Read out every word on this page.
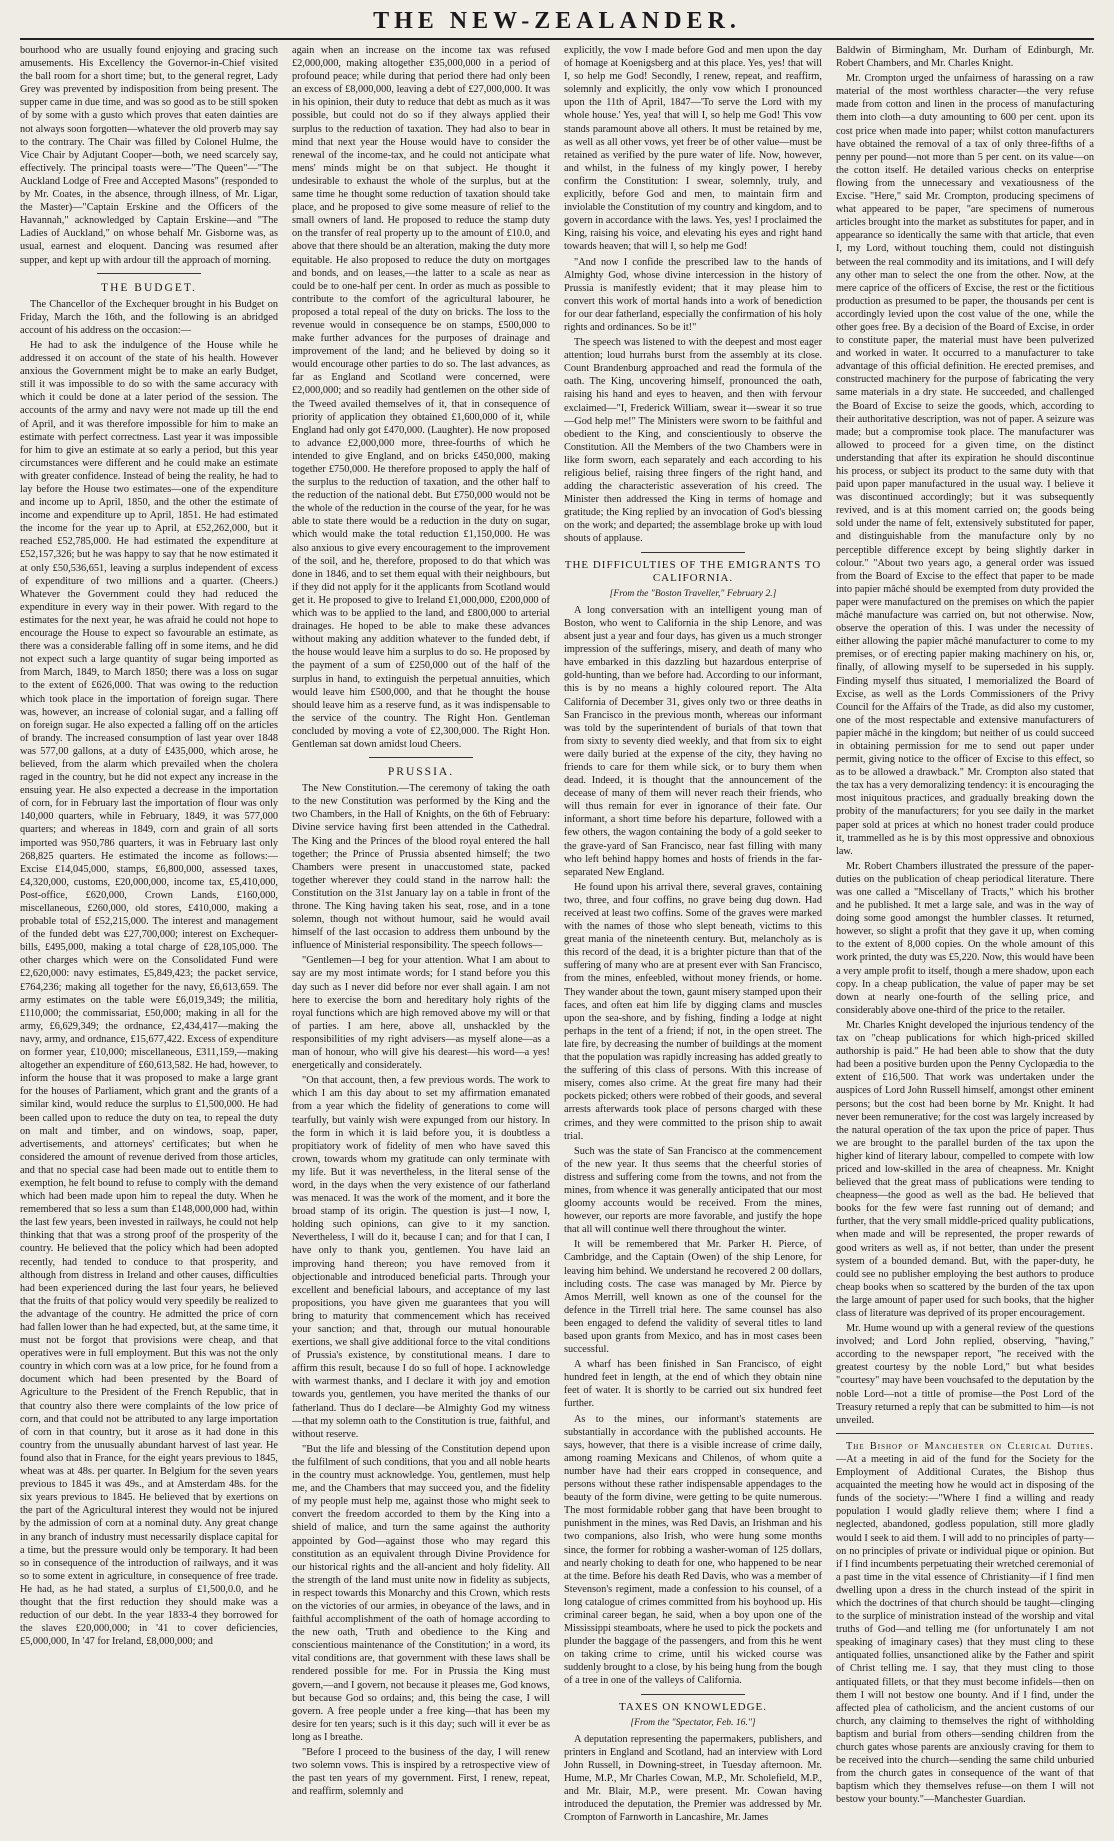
THE NEW-ZEALANDER.

bourhood who are usually found enjoying and gracing such amusements. His Excellency the Governor-in-Chief visited the ball room for a short time; but, to the general regret, Lady Grey was prevented by indisposition from being present. The supper came in due time, and was so good as to be still spoken of by some with a gusto which proves that eaten dainties are not always soon forgotten—whatever the old proverb may say to the contrary. The Chair was filled by Colonel Hulme, the Vice Chair by Adjutant Cooper—both, we need scarcely say, effectively. The principal toasts were—"The Queen"—"The Auckland Lodge of Free and Accepted Masons" (responded to by Mr. Coates, in the absence, through illness, of Mr. Ligar, the Master)—"Captain Erskine and the Officers of the Havannah," acknowledged by Captain Erskine—and "The Ladies of Auckland," on whose behalf Mr. Gisborne was, as usual, earnest and eloquent. Dancing was resumed after supper, and kept up with ardour till the approach of morning.

THE BUDGET.

The Chancellor of the Exchequer brought in his Budget on Friday, March the 16th, and the following is an abridged account of his address on the occasion:—

He had to ask the indulgence of the House while he addressed it on account of the state of his health. However anxious the Government might be to make an early Budget, still it was impossible to do so with the same accuracy with which it could be done at a later period of the session. The accounts of the army and navy were not made up till the end of April, and it was therefore impossible for him to make an estimate with perfect correctness. Last year it was impossible for him to give an estimate at so early a period, but this year circumstances were different and he could make an estimate with greater confidence. Instead of being the reality, he had to lay before the House two estimates—one of the expenditure and income up to April, 1850, and the other the estimate of income and expenditure up to April, 1851. He had estimated the income for the year up to April, at £52,262,000, but it reached £52,785,000. He had estimated the expenditure at £52,157,326; but he was happy to say that he now estimated it at only £50,536,651, leaving a surplus independent of excess of expenditure of two millions and a quarter. (Cheers.) Whatever the Government could they had reduced the expenditure in every way in their power. With regard to the estimates for the next year, he was afraid he could not hope to encourage the House to expect so favourable an estimate, as there was a considerable falling off in some items, and he did not expect such a large quantity of sugar being imported as from March, 1849, to March 1850; there was a loss on sugar to the extent of £626,000. That was owing to the reduction which took place in the importation of foreign sugar. There was, however, an increase of colonial sugar, and a falling off on foreign sugar. He also expected a falling off on the articles of brandy. The increased consumption of last year over 1848 was 577,00 gallons, at a duty of £435,000, which arose, he believed, from the alarm which prevailed when the cholera raged in the country, but he did not expect any increase in the ensuing year. He also expected a decrease in the importation of corn, for in February last the importation of flour was only 140,000 quarters, while in February, 1849, it was 577,000 quarters; and whereas in 1849, corn and grain of all sorts imported was 950,786 quarters, it was in February last only 268,825 quarters. He estimated the income as follows:—Excise £14,045,000, stamps, £6,800,000, assessed taxes, £4,320,000, customs, £20,000,000, income tax, £5,410,000, Post-office, £620,000, Crown Lands, £160,000, miscellaneous, £260,000, old stores, £410,000, making a probable total of £52,215,000. The interest and management of the funded debt was £27,700,000; interest on Exchequer-bills, £495,000, making a total charge of £28,105,000. The other charges which were on the Consolidated Fund were £2,620,000: navy estimates, £5,849,423; the packet service, £764,236; making all together for the navy, £6,613,659. The army estimates on the table were £6,019,349; the militia, £110,000; the commissariat, £50,000; making in all for the army, £6,629,349; the ordnance, £2,434,417—making the navy, army, and ordnance, £15,677,422. Excess of expenditure on former year, £10,000; miscellaneous, £311,159,—making altogether an expenditure of £60,613,582. He had, however, to inform the house that it was proposed to make a large grant for the houses of Parliament, which grant and the grants of a similar kind, would reduce the surplus to £1,500,000. He had been called upon to reduce the duty on tea, to repeal the duty on malt and timber, and on windows, soap, paper, advertisements, and attorneys' certificates; but when he considered the amount of revenue derived from those articles, and that no special case had been made out to entitle them to exemption, he felt bound to refuse to comply with the demand which had been made upon him to repeal the duty. When he remembered that so less a sum than £148,000,000 had, within the last few years, been invested in railways, he could not help thinking that that was a strong proof of the prosperity of the country. He believed that the policy which had been adopted recently, had tended to conduce to that prosperity, and although from distress in Ireland and other causes, difficulties had been experienced during the last four years, he believed that the fruits of that policy would very speedily be realized to the advantage of the country. He admitted the price of corn had fallen lower than he had expected, but, at the same time, it must not be forgot that provisions were cheap, and that operatives were in full employment. But this was not the only country in which corn was at a low price, for he found from a document which had been presented by the Board of Agriculture to the President of the French Republic, that in that country also there were complaints of the low price of corn, and that could not be attributed to any large importation of corn in that country, but it arose as it had done in this country from the unusually abundant harvest of last year. He found also that in France, for the eight years previous to 1845, wheat was at 48s. per quarter. In Belgium for the seven years previous to 1845 it was 49s., and at Amsterdam 48s. for the six years previous to 1845. He believed that by exertions on the part of the Agricultural interest they would not be injured by the admission of corn at a nominal duty. Any great change in any branch of industry must necessarily displace capital for a time, but the pressure would only be temporary. It had been so in consequence of the introduction of railways, and it was so to some extent in agriculture, in consequence of free trade. He had, as he had stated, a surplus of £1,500,0.0, and he thought that the first reduction they should make was a reduction of our debt. In the year 1833-4 they borrowed for the slaves £20,000,000; in '41 to cover deficiencies, £5,000,000, In '47 for Ireland, £8,000,000; and

again when an increase on the income tax was refused £2,000,000, making altogether £35,000,000 in a period of profound peace; while during that period there had only been an excess of £8,000,000, leaving a debt of £27,000,000. It was in his opinion, their duty to reduce that debt as much as it was possible, but could not do so if they always applied their surplus to the reduction of taxation. They had also to bear in mind that next year the House would have to consider the renewal of the income-tax, and he could not anticipate what mens' minds might be on that subject. He thought it undesirable to exhaust the whole of the surplus, but at the same time he thought some reduction of taxation should take place, and he proposed to give some measure of relief to the small owners of land. He proposed to reduce the stamp duty on the transfer of real property up to the amount of £10.0, and above that there should be an alteration, making the duty more equitable. He also proposed to reduce the duty on mortgages and bonds, and on leases,—the latter to a scale as near as could be to one-half per cent. In order as much as possible to contribute to the comfort of the agricultural labourer, he proposed a total repeal of the duty on bricks. The loss to the revenue would in consequence be on stamps, £500,000 to make further advances for the purposes of drainage and improvement of the land; and he believed by doing so it would encourage other parties to do so. The last advances, as far as England and Scotland were concerned, were £2,000,000; and so readily had gentlemen on the other side of the Tweed availed themselves of it, that in consequence of priority of application they obtained £1,600,000 of it, while England had only got £470,000. (Laughter). He now proposed to advance £2,000,000 more, three-fourths of which he intended to give England, and on bricks £450,000, making together £750,000. He therefore proposed to apply the half of the surplus to the reduction of taxation, and the other half to the reduction of the national debt. But £750,000 would not be the whole of the reduction in the course of the year, for he was able to state there would be a reduction in the duty on sugar, which would make the total reduction £1,150,000. He was also anxious to give every encouragement to the improvement of the soil, and he, therefore, proposed to do that which was done in 1846, and to set them equal with their neighbours, but if they did not apply for it the applicants from Scotland would get it. He proposed to give to Ireland £1,000,000, £200,000 of which was to be applied to the land, and £800,000 to arterial drainages. He hoped to be able to make these advances without making any addition whatever to the funded debt, if the house would leave him a surplus to do so. He proposed by the payment of a sum of £250,000 out of the half of the surplus in hand, to extinguish the perpetual annuities, which would leave him £500,000, and that he thought the house should leave him as a reserve fund, as it was indispensable to the service of the country. The Right Hon. Gentleman concluded by moving a vote of £2,300,000. The Right Hon. Gentleman sat down amidst loud Cheers.

PRUSSIA.

The New Constitution.—The ceremony of taking the oath to the new Constitution was performed by the King and the two Chambers, in the Hall of Knights, on the 6th of February: Divine service having first been attended in the Cathedral. The King and the Princes of the blood royal entered the hall together; the Prince of Prussia absented himself; the two Chambers were present in unaccustomed state, packed together wherever they could stand in the narrow hall: the Constitution on the 31st January lay on a table in front of the throne. The King having taken his seat, rose, and in a tone solemn, though not without humour, said he would avail himself of the last occasion to address them unbound by the influence of Ministerial responsibility. The speech follows—

"Gentlemen—I beg for your attention. What I am about to say are my most intimate words; for I stand before you this day such as I never did before nor ever shall again. I am not here to exercise the born and hereditary holy rights of the royal functions which are high removed above my will or that of parties. I am here, above all, unshackled by the responsibilities of my right advisers—as myself alone—as a man of honour, who will give his dearest—his word—a yes! energetically and considerately.

"On that account, then, a few previous words. The work to which I am this day about to set my affirmation emanated from a year which the fidelity of generations to come will tearfully, but vainly wish were expunged from our history. In the form in which it is laid before you, it is doubtless a propitiatory work of fidelity of men who have saved this crown, towards whom my gratitude can only terminate with my life. But it was nevertheless, in the literal sense of the word, in the days when the very existence of our fatherland was menaced. It was the work of the moment, and it bore the broad stamp of its origin. The question is just—I now, I, holding such opinions, can give to it my sanction. Nevertheless, I will do it, because I can; and for that I can, I have only to thank you, gentlemen. You have laid an improving hand thereon; you have removed from it objectionable and introduced beneficial parts. Through your excellent and beneficial labours, and acceptance of my last propositions, you have given me guarantees that you will bring to maturity that commencement which has received your sanction; and that, through our mutual honourable exertions, we shall give additional force to the vital conditions of Prussia's existence, by constitutional means. I dare to affirm this result, because I do so full of hope. I acknowledge with warmest thanks, and I declare it with joy and emotion towards you, gentlemen, you have merited the thanks of our fatherland. Thus do I declare—be Almighty God my witness—that my solemn oath to the Constitution is true, faithful, and without reserve.

"But the life and blessing of the Constitution depend upon the fulfilment of such conditions, that you and all noble hearts in the country must acknowledge. You, gentlemen, must help me, and the Chambers that may succeed you, and the fidelity of my people must help me, against those who might seek to convert the freedom accorded to them by the King into a shield of malice, and turn the same against the authority appointed by God—against those who may regard this constitution as an equivalent through Divine Providence for our historical rights and the all-ancient and holy fidelity. All the strength of the land must unite now in fidelity as subjects, in respect towards this Monarchy and this Crown, which rests on the victories of our armies, in obeyance of the laws, and in faithful accomplishment of the oath of homage according to the new oath, 'Truth and obedience to the King and conscientious maintenance of the Constitution;' in a word, its vital conditions are, that government with these laws shall be rendered possible for me. For in Prussia the King must govern,—and I govern, not because it pleases me, God knows, but because God so ordains; and, this being the case, I will govern. A free people under a free king—that has been my desire for ten years; such is it this day; such will it ever be as long as I breathe.

"Before I proceed to the business of the day, I will renew two solemn vows. This is inspired by a retrospective view of the past ten years of my government. First, I renew, repeat, and reaffirm, solemnly and

explicitly, the vow I made before God and men upon the day of homage at Koenigsberg and at this place. Yes, yes! that will I, so help me God! Secondly, I renew, repeat, and reaffirm, solemnly and explicitly, the only vow which I pronounced upon the 11th of April, 1847—'To serve the Lord with my whole house.' Yes, yea! that will I, so help me God! This vow stands paramount above all others. It must be retained by me, as well as all other vows, yet freer be of other value—must be retained as verified by the pure water of life. Now, however, and whilst, in the fulness of my kingly power, I hereby confirm the Constitution: I swear, solemnly, truly, and explicitly, before God and men, to maintain firm and inviolable the Constitution of my country and kingdom, and to govern in accordance with the laws. Yes, yes! I proclaimed the King, raising his voice, and elevating his eyes and right hand towards heaven; that will I, so help me God!

"And now I confide the prescribed law to the hands of Almighty God, whose divine intercession in the history of Prussia is manifestly evident; that it may please him to convert this work of mortal hands into a work of benediction for our dear fatherland, especially the confirmation of his holy rights and ordinances. So be it!"

The speech was listened to with the deepest and most eager attention; loud hurrahs burst from the assembly at its close. Count Brandenburg approached and read the formula of the oath. The King, uncovering himself, pronounced the oath, raising his hand and eyes to heaven, and then with fervour exclaimed—"I, Frederick William, swear it—swear it so true—God help me!" The Ministers were sworn to be faithful and obedient to the King, and conscientiously to observe the Constitution. All the Members of the two Chambers were in like form sworn, each separately and each according to his religious belief, raising three fingers of the right hand, and adding the characteristic asseveration of his creed. The Minister then addressed the King in terms of homage and gratitude; the King replied by an invocation of God's blessing on the work; and departed; the assemblage broke up with loud shouts of applause.

THE DIFFICULTIES OF THE EMIGRANTS TO CALIFORNIA.
[From the "Boston Traveller," February 2.]

A long conversation with an intelligent young man of Boston, who went to California in the ship Lenore, and was absent just a year and four days, has given us a much stronger impression of the sufferings, misery, and death of many who have embarked in this dazzling but hazardous enterprise of gold-hunting, than we before had. According to our informant, this is by no means a highly coloured report. The Alta California of December 31, gives only two or three deaths in San Francisco in the previous month, whereas our informant was told by the superintendent of burials of that town that from sixty to seventy died weekly, and that from six to eight were daily buried at the expense of the city, they having no friends to care for them while sick, or to bury them when dead. Indeed, it is thought that the announcement of the decease of many of them will never reach their friends, who will thus remain for ever in ignorance of their fate. Our informant, a short time before his departure, followed with a few others, the wagon containing the body of a gold seeker to the grave-yard of San Francisco, near fast filling with many who left behind happy homes and hosts of friends in the far-separated New England.

He found upon his arrival there, several graves, containing two, three, and four coffins, no grave being dug down. Had received at least two coffins. Some of the graves were marked with the names of those who slept beneath, victims to this great mania of the nineteenth century. But, melancholy as is this record of the dead, it is a brighter picture than that of the suffering of many who are at present ever with San Francisco, from the mines, enfeebled, without money friends, or home. They wander about the town, gaunt misery stamped upon their faces, and often eat him life by digging clams and muscles upon the sea-shore, and by fishing, finding a lodge at night perhaps in the tent of a friend; if not, in the open street. The late fire, by decreasing the number of buildings at the moment that the population was rapidly increasing has added greatly to the suffering of this class of persons. With this increase of misery, comes also crime. At the great fire many had their pockets picked; others were robbed of their goods, and several arrests afterwards took place of persons charged with these crimes, and they were committed to the prison ship to await trial.

Such was the state of San Francisco at the commencement of the new year. It thus seems that the cheerful stories of distress and suffering come from the towns, and not from the mines, from whence it was generally anticipated that our most gloomy accounts would be received. From the mines, however, our reports are more favorable, and justify the hope that all will continue well there throughout the winter.

It will be remembered that Mr. Parker H. Pierce, of Cambridge, and the Captain (Owen) of the ship Lenore, for leaving him behind. We understand he recovered 2 00 dollars, including costs. The case was managed by Mr. Pierce by Amos Merrill, well known as one of the counsel for the defence in the Tirrell trial here. The same counsel has also been engaged to defend the validity of several titles to land based upon grants from Mexico, and has in most cases been successful.

A wharf has been finished in San Francisco, of eight hundred feet in length, at the end of which they obtain nine feet of water. It is shortly to be carried out six hundred feet further.

As to the mines, our informant's statements are substantially in accordance with the published accounts. He says, however, that there is a visible increase of crime daily, among roaming Mexicans and Chilenos, of whom quite a number have had their ears cropped in consequence, and persons without these rather indispensable appendages to the beauty of the form divine, were getting to be quite numerous. The most formidable robber gang that have been brought to punishment in the mines, was Red Davis, an Irishman and his two companions, also Irish, who were hung some months since, the former for robbing a washer-woman of 125 dollars, and nearly choking to death for one, who happened to be near at the time. Before his death Red Davis, who was a member of Stevenson's regiment, made a confession to his counsel, of a long catalogue of crimes committed from his boyhood up. His criminal career began, he said, when a boy upon one of the Mississippi steamboats, where he used to pick the pockets and plunder the baggage of the passengers, and from this he went on taking crime to crime, until his wicked course was suddenly brought to a close, by his being hung from the bough of a tree in one of the valleys of California.

TAXES ON KNOWLEDGE.
[From the "Spectator, Feb. 16."]

A deputation representing the papermakers, publishers, and printers in England and Scotland, had an interview with Lord John Russell, in Downing-street, in Tuesday afternoon. Mr. Hume, M.P., Mr Charles Cowan, M.P., Mr. Scholefield, M.P., and Mr. Blair, M.P., were present. Mr. Cowan having introduced the deputation, the Premier was addressed by Mr. Crompton of Farnworth in Lancashire, Mr. James

Baldwin of Birmingham, Mr. Durham of Edinburgh, Mr. Robert Chambers, and Mr. Charles Knight.

Mr. Crompton urged the unfairness of harassing on a raw material of the most worthless character—the very refuse made from cotton and linen in the process of manufacturing them into cloth—a duty amounting to 600 per cent. upon its cost price when made into paper; whilst cotton manufacturers have obtained the removal of a tax of only three-fifths of a penny per pound—not more than 5 per cent. on its value—on the cotton itself. He detailed various checks on enterprise flowing from the unnecessary and vexatiousness of the Excise. "Here," said Mr. Crompton, producing specimens of what appeared to be paper, "are specimens of numerous articles brought into the market as substitutes for paper, and in appearance so identically the same with that article, that even I, my Lord, without touching them, could not distinguish between the real commodity and its imitations, and I will defy any other man to select the one from the other. Now, at the mere caprice of the officers of Excise, the rest or the fictitious production as presumed to be paper, the thousands per cent is accordingly levied upon the cost value of the one, while the other goes free. By a decision of the Board of Excise, in order to constitute paper, the material must have been pulverized and worked in water. It occurred to a manufacturer to take advantage of this official definition. He erected premises, and constructed machinery for the purpose of fabricating the very same materials in a dry state. He succeeded, and challenged the Board of Excise to seize the goods, which, according to their authoritative description, was not of paper. A seizure was made; but a compromise took place. The manufacturer was allowed to proceed for a given time, on the distinct understanding that after its expiration he should discontinue his process, or subject its product to the same duty with that paid upon paper manufactured in the usual way. I believe it was discontinued accordingly; but it was subsequently revived, and is at this moment carried on; the goods being sold under the name of felt, extensively substituted for paper, and distinguishable from the manufacture only by no perceptible difference except by being slightly darker in colour." "About two years ago, a general order was issued from the Board of Excise to the effect that paper to be made into papier mâché should be exempted from duty provided the paper were manufactured on the premises on which the papier mâché manufacture was carried on, but not otherwise. Now, observe the operation of this. I was under the necessity of either allowing the papier mâché manufacturer to come to my premises, or of erecting papier making machinery on his, or, finally, of allowing myself to be superseded in his supply. Finding myself thus situated, I memorialized the Board of Excise, as well as the Lords Commissioners of the Privy Council for the Affairs of the Trade, as did also my customer, one of the most respectable and extensive manufacturers of papier mâché in the kingdom; but neither of us could succeed in obtaining permission for me to send out paper under permit, giving notice to the officer of Excise to this effect, so as to be allowed a drawback." Mr. Crompton also stated that the tax has a very demoralizing tendency: it is encouraging the most iniquitous practices, and gradually breaking down the probity of the manufacturers; for you see daily in the market paper sold at prices at which no honest trader could produce it, trammelled as he is by this most oppressive and obnoxious law.

Mr. Robert Chambers illustrated the pressure of the paper-duties on the publication of cheap periodical literature. There was one called a "Miscellany of Tracts," which his brother and he published. It met a large sale, and was in the way of doing some good amongst the humbler classes. It returned, however, so slight a profit that they gave it up, when coming to the extent of 8,000 copies. On the whole amount of this work printed, the duty was £5,220. Now, this would have been a very ample profit to itself, though a mere shadow, upon each copy. In a cheap publication, the value of paper may be set down at nearly one-fourth of the selling price, and considerably above one-third of the price to the retailer.

Mr. Charles Knight developed the injurious tendency of the tax on "cheap publications for which high-priced skilled authorship is paid." He had been able to show that the duty had been a positive burden upon the Penny Cyclopædia to the extent of £16,500. That work was undertaken under the auspices of Lord John Russell himself, amongst other eminent persons; but the cost had been borne by Mr. Knight. It had never been remunerative; for the cost was largely increased by the natural operation of the tax upon the price of paper. Thus we are brought to the parallel burden of the tax upon the higher kind of literary labour, compelled to compete with low priced and low-skilled in the area of cheapness. Mr. Knight believed that the great mass of publications were tending to cheapness—the good as well as the bad. He believed that books for the few were fast running out of demand; and further, that the very small middle-priced quality publications, when made and will be represented, the proper rewards of good writers as well as, if not better, than under the present system of a bounded demand. But, with the paper-duty, he could see no publisher employing the best authors to produce cheap books when so scattered by the burden of the tax upon the large amount of paper used for such books, that the higher class of literature was deprived of its proper encouragement.

Mr. Hume wound up with a general review of the questions involved; and Lord John replied, observing, "having," according to the newspaper report, "he received with the greatest courtesy by the noble Lord," but what besides "courtesy" may have been vouchsafed to the deputation by the noble Lord—not a tittle of promise—the Post Lord of the Treasury returned a reply that can be submitted to him—is not unveiled.

The Bishop of Manchester on Clerical Duties.—At a meeting in aid of the fund for the Society for the Employment of Additional Curates, the Bishop thus acquainted the meeting how he would act in disposing of the funds of the society:—"Where I find a willing and ready population I would gladly relieve them; where I find a neglected, abandoned, godless population, still more gladly would I seek to aid them. I will add to no principles of party—on no principles of private or individual pique or opinion. But if I find incumbents perpetuating their wretched ceremonial of a past time in the vital essence of Christianity—if I find men dwelling upon a dress in the church instead of the spirit in which the doctrines of that church should be taught—clinging to the surplice of ministration instead of the worship and vital truths of God—and telling me (for unfortunately I am not speaking of imaginary cases) that they must cling to these antiquated follies, unsanctioned alike by the Father and spirit of Christ telling me. I say, that they must cling to those antiquated fillets, or that they must become infidels—then on them I will not bestow one bounty. And if I find, under the affected plea of catholicism, and the ancient customs of our church, any claiming to themselves the right of withholding baptism and burial from others—sending children from the church gates whose parents are anxiously craving for them to be received into the church—sending the same child unburied from the church gates in consequence of the want of that baptism which they themselves refuse—on them I will not bestow your bounty."—Manchester Guardian.
